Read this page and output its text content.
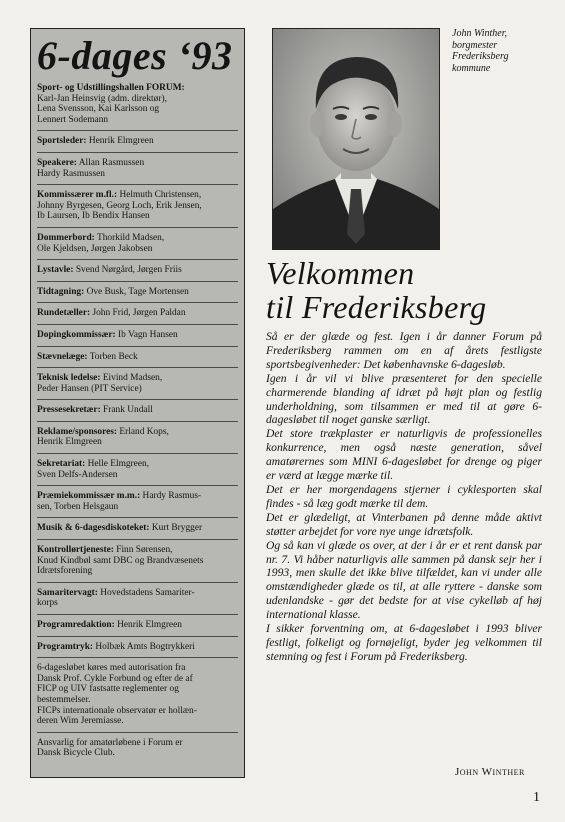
6-dages ‘93
Sport- og Udstillingshallen FORUM:
Karl-Jan Heinsvig (adm. direktør),
Lena Svensson, Kai Karlsson og
Lennert Sodemann
Sportsleder: Henrik Elmgreen
Speakere: Allan Rasmussen
Hardy Rasmussen
Kommissærer m.fl.: Helmuth Christensen,
Johnny Byrgesen, Georg Loch, Erik Jensen,
Ib Laursen, Ib Bendix Hansen
Dommerbord: Thorkild Madsen,
Ole Kjeldsen, Jørgen Jakobsen
Lystavle: Svend Nørgård, Jørgen Friis
Tidtagning: Ove Busk, Tage Mortensen
Rundetæller: John Frid, Jørgen Paldan
Dopingkommissær: Ib Vagn Hansen
Stævnelæge: Torben Beck
Teknisk ledelse: Eivind Madsen,
Peder Hansen (PIT Service)
Pressesekretær: Frank Undall
Reklame/sponsores: Erland Kops,
Henrik Elmgreen
Sekretariat: Helle Elmgreen,
Sven Delfs-Andersen
Præmiekommissær m.m.: Hardy Rasmus-
sen, Torben Helsgaun
Musik & 6-dagesdiskoteket: Kurt Brygger
Kontrollørtjeneste: Finn Sørensen,
Knud Kindbøl samt DBC og Brandvæsenets
Idrætsforening
Samaritervagt: Hovedstadens Samariter-
korps
Programredaktion: Henrik Elmgreen
Programtryk: Holbæk Amts Bogtrykkeri
6-dagesløbet køres med autorisation fra
Dansk Prof. Cykle Forbund og efter de af
FICP og UIV fastsatte reglementer og
bestemmelser.
FICPs internationale observatør er hollæn-
deren Wim Jeremiasse.
Ansvarlig for amatørløbene i Forum er
Dansk Bicycle Club.
John Winther,
borgmester
Frederiksberg
kommune
Velkommen
til Frederiksberg

Så er der glæde og fest. Igen i år danner Forum på Frederiksberg rammen om en af årets festligste sportsbegivenheder: Det københavnske 6-dagesløb.

Igen i år vil vi blive præsenteret for den specielle charmerende blanding af idræt på højt plan og festlig underholdning, som tilsammen er med til at gøre 6-dagesløbet til noget ganske særligt.

Det store trækplaster er naturligvis de professionelles konkurrence, men også næste generation, såvel amatørernes som MINI 6-dagesløbet for drenge og piger er værd at lægge mærke til.

Det er her morgendagens stjerner i cyklesporten skal findes - så læg godt mærke til dem.

Det er glædeligt, at Vinterbanen på denne måde aktivt støtter arbejdet for vore nye unge idrætsfolk.

Og så kan vi glæde os over, at der i år er et rent dansk par nr. 7. Vi håber naturligvis alle sammen på dansk sejr her i 1993, men skulle det ikke blive tilfældet, kan vi under alle omstændigheder glæde os til, at alle ryttere - danske som udenlandske - gør det bedste for at vise cykelløb af høj international klasse.

I sikker forventning om, at 6-dagesløbet i 1993 bliver festligt, folkeligt og fornøjeligt, byder jeg velkommen til stemning og fest i Forum på Frederiksberg.

John Winther
1
